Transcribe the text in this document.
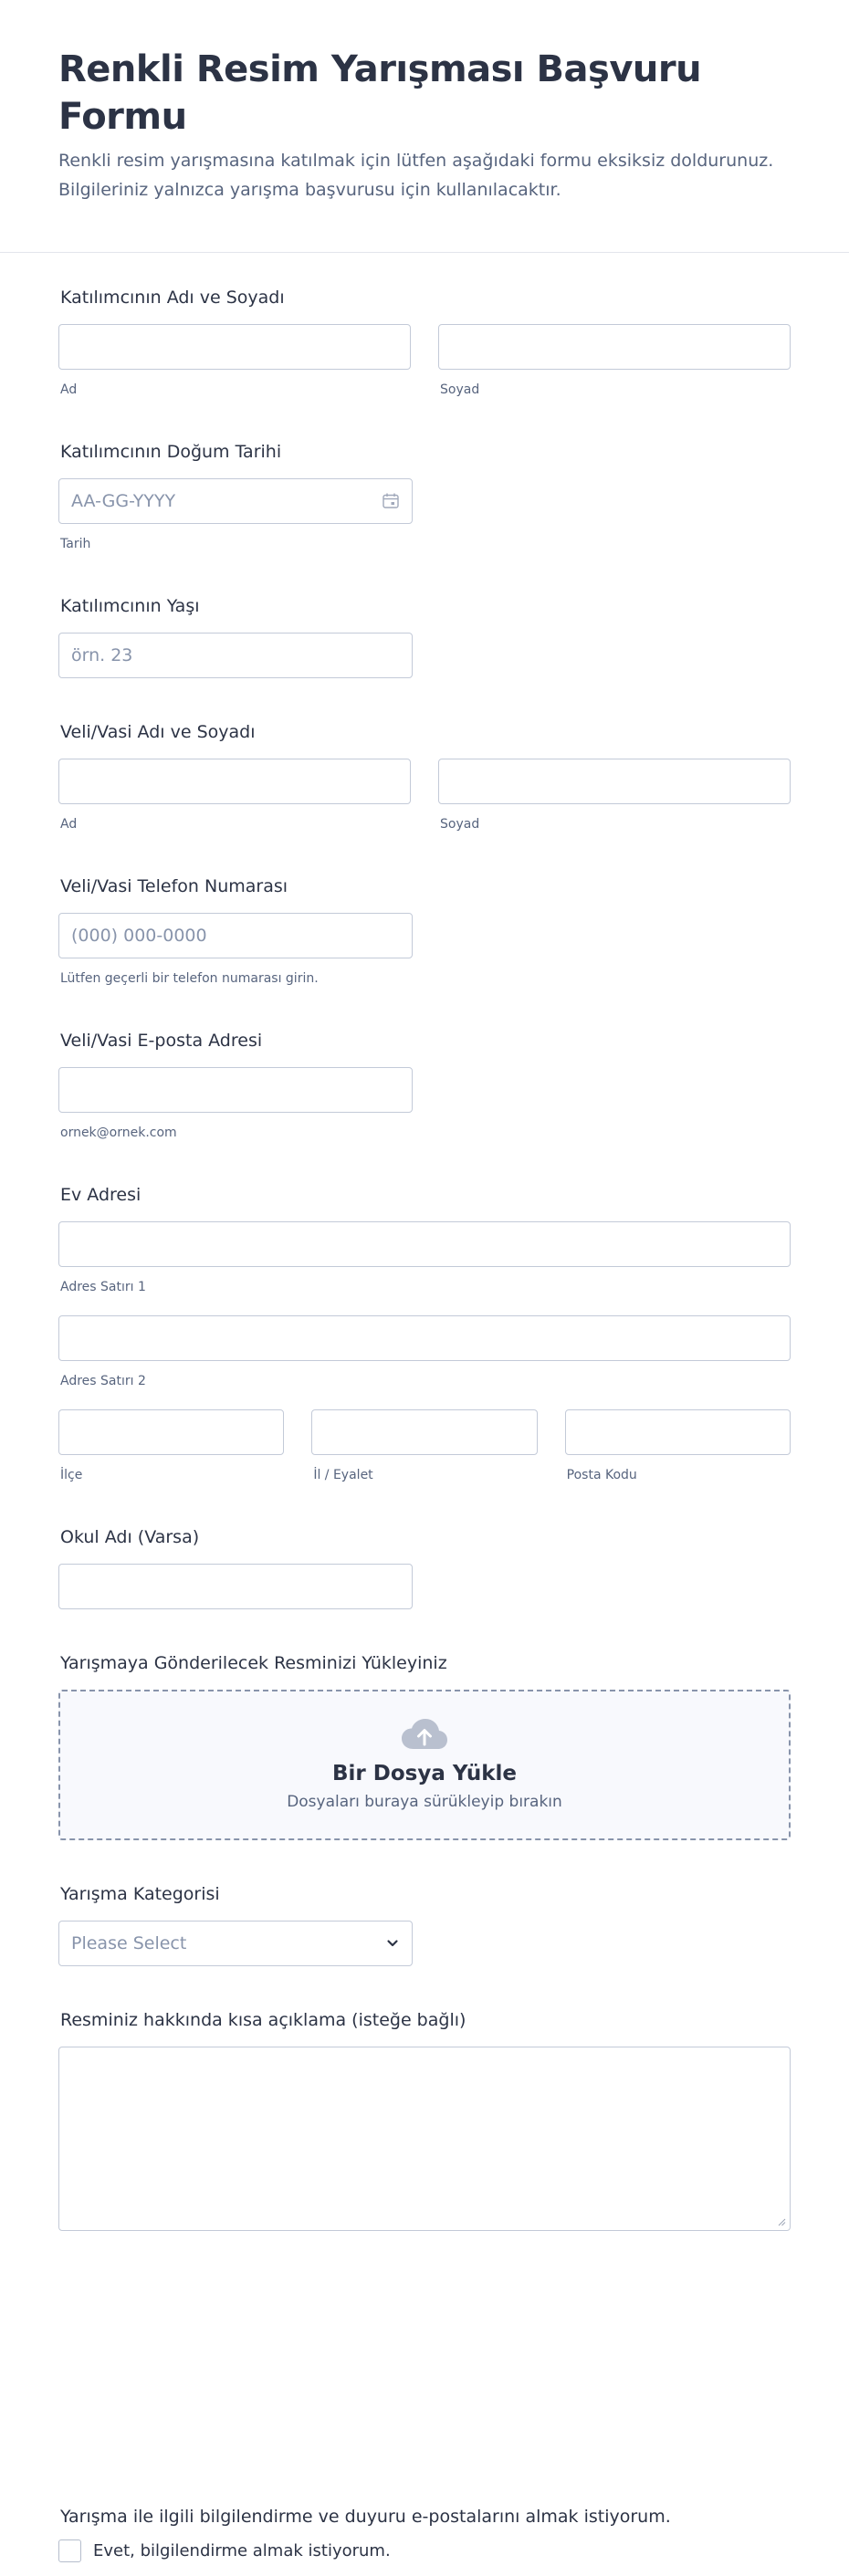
Renkli Resim Yarışması Başvuru Formu

Renkli resim yarışmasına katılmak için lütfen aşağıdaki formu eksiksiz doldurunuz. Bilgileriniz yalnızca yarışma başvurusu için kullanılacaktır.

Katılımcının Adı ve Soyadı
Ad	Soyad
Katılımcının Doğum Tarihi
AA-GG-YYYY
Tarih
Katılımcının Yaşı
örn. 23
Veli/Vasi Adı ve Soyadı
Ad	Soyad
Veli/Vasi Telefon Numarası
(000) 000-0000
Lütfen geçerli bir telefon numarası girin.
Veli/Vasi E-posta Adresi
ornek@ornek.com
Ev Adresi
Adres Satırı 1
Adres Satırı 2
İlçe	İl / Eyalet	Posta Kodu
Okul Adı (Varsa)
Yarışmaya Gönderilecek Resminizi Yükleyiniz
Bir Dosya Yükle
Dosyaları buraya sürükleyip bırakın
Yarışma Kategorisi
Please Select
Resminiz hakkında kısa açıklama (isteğe bağlı)
Yarışma ile ilgili bilgilendirme ve duyuru e-postalarını almak istiyorum.
Evet, bilgilendirme almak istiyorum.
